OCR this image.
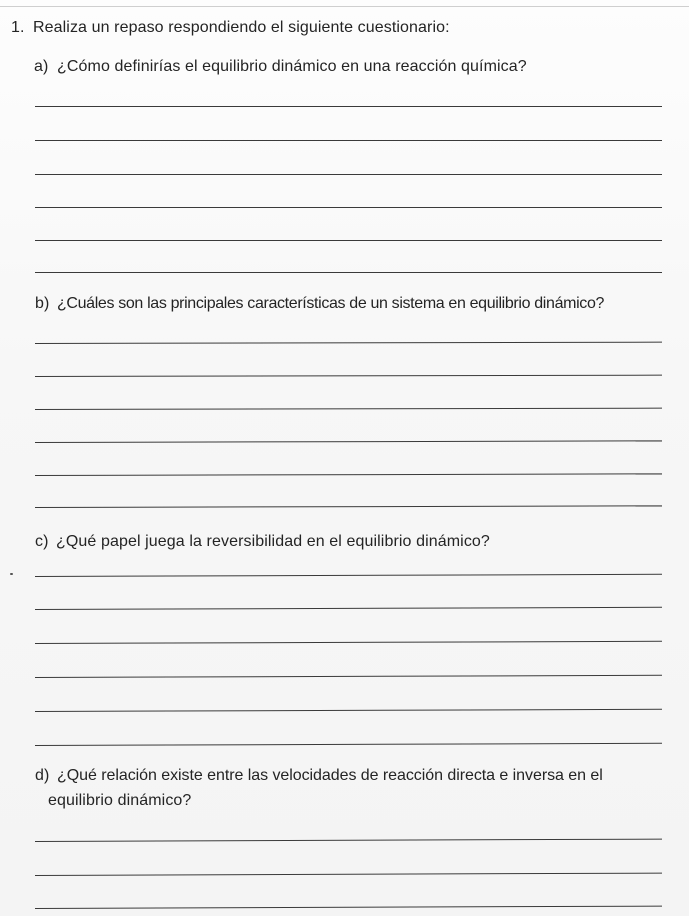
1. Realiza un repaso respondiendo el siguiente cuestionario:
a) ¿Cómo definirías el equilibrio dinámico en una reacción química?
b) ¿Cuáles son las principales características de un sistema en equilibrio dinámico?
c) ¿Qué papel juega la reversibilidad en el equilibrio dinámico?
d) ¿Qué relación existe entre las velocidades de reacción directa e inversa en el
equilibrio dinámico?
